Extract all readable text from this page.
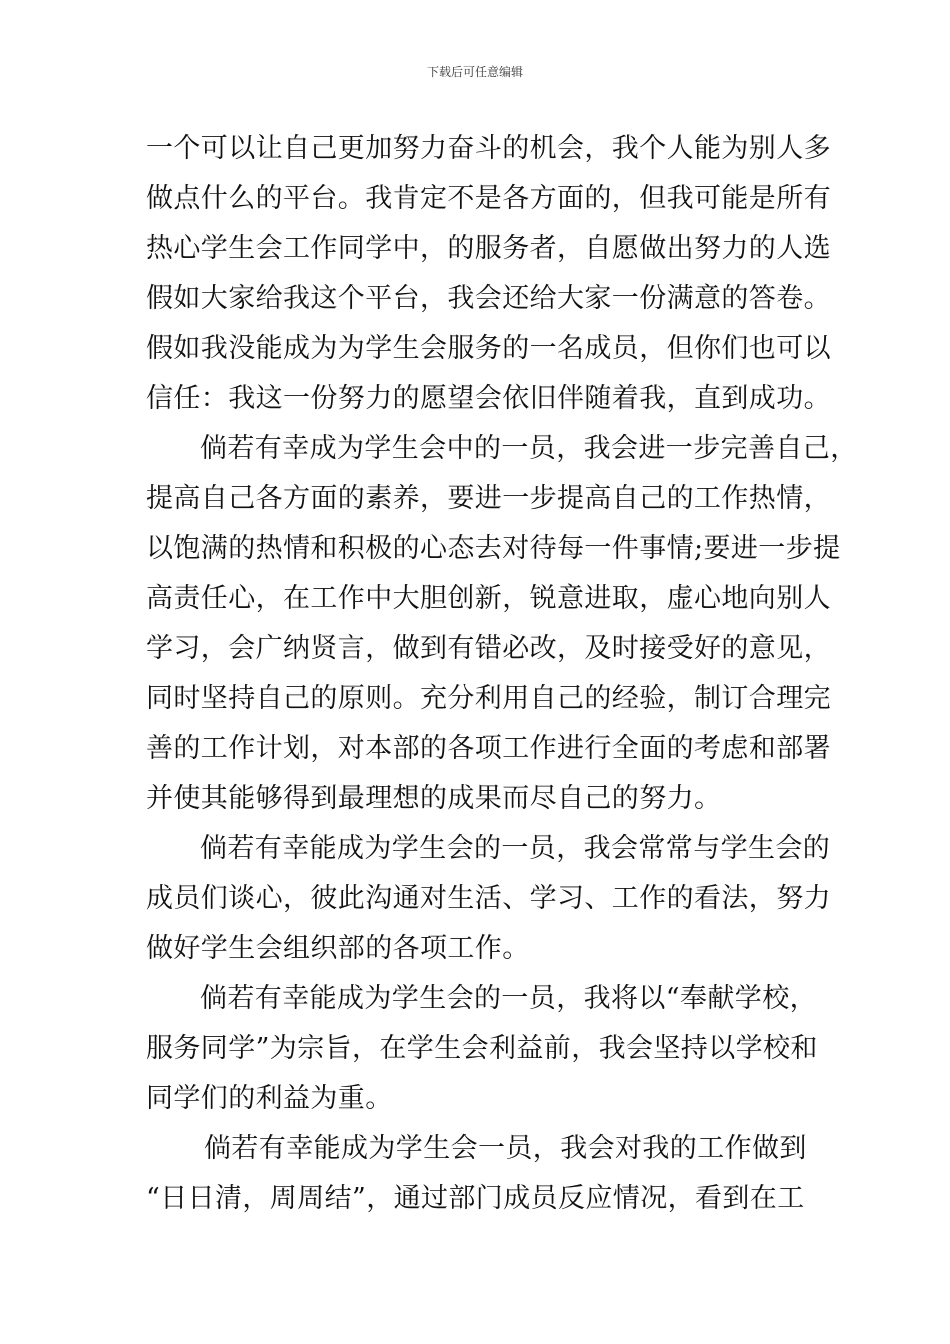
下载后可任意编辑
一个可以让自己更加努力奋斗的机会，我个人能为别人多
做点什么的平台。我肯定不是各方面的，但我可能是所有
热心学生会工作同学中，的服务者，自愿做出努力的人选
假如大家给我这个平台，我会还给大家一份满意的答卷。
假如我没能成为为学生会服务的一名成员，但你们也可以
信任：我这一份努力的愿望会依旧伴随着我，直到成功。
倘若有幸成为学生会中的一员，我会进一步完善自己，
提高自己各方面的素养，要进一步提高自己的工作热情，
以饱满的热情和积极的心态去对待每一件事情;要进一步提
高责任心，在工作中大胆创新，锐意进取，虚心地向别人
学习，会广纳贤言，做到有错必改，及时接受好的意见，
同时坚持自己的原则。充分利用自己的经验，制订合理完
善的工作计划，对本部的各项工作进行全面的考虑和部署
并使其能够得到最理想的成果而尽自己的努力。
倘若有幸能成为学生会的一员，我会常常与学生会的
成员们谈心，彼此沟通对生活、学习、工作的看法，努力
做好学生会组织部的各项工作。
倘若有幸能成为学生会的一员，我将以“奉献学校，
服务同学”为宗旨，在学生会利益前，我会坚持以学校和
同学们的利益为重。
倘若有幸能成为学生会一员，我会对我的工作做到
“日日清，周周结”，通过部门成员反应情况，看到在工
